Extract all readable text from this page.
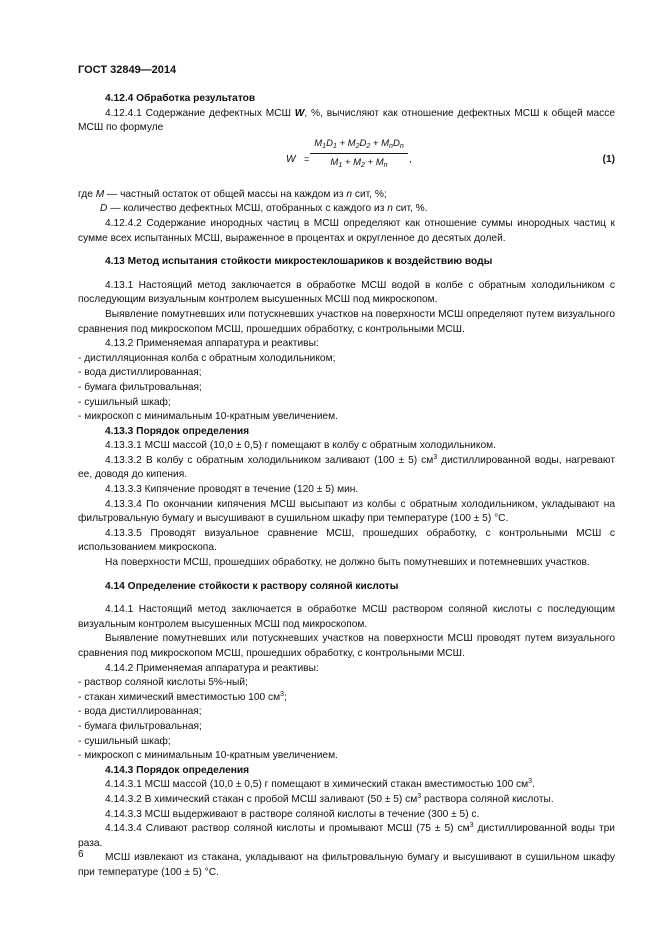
ГОСТ 32849—2014

4.12.4 Обработка результатов

4.12.4.1 Содержание дефектных МСШ W, %, вычисляют как отношение дефектных МСШ к общей массе МСШ по формуле

W =
$M_1D_1 + M_2D_2 + M_nD_n$
$M_1 + M_2 + M_n$
,	(1)

где M — частный остаток от общей массы на каждом из n сит, %;

D — количество дефектных МСШ, отобранных с каждого из n сит, %.

4.12.4.2 Содержание инородных частиц в МСШ определяют как отношение суммы инородных частиц к сумме всех испытанных МСШ, выраженное в процентах и округленное до десятых долей.

4.13 Метод испытания стойкости микростеклошариков к воздействию воды

4.13.1 Настоящий метод заключается в обработке МСШ водой в колбе с обратным холодильником с последующим визуальным контролем высушенных МСШ под микроскопом.

Выявление помутневших или потускневших участков на поверхности МСШ определяют путем визуального сравнения под микроскопом МСШ, прошедших обработку, с контрольными МСШ.

4.13.2 Применяемая аппаратура и реактивы:

- дистилляционная колба с обратным холодильником;

- вода дистиллированная;

- бумага фильтровальная;

- сушильный шкаф;

- микроскоп с минимальным 10-кратным увеличением.

4.13.3 Порядок определения

4.13.3.1 МСШ массой (10,0 ± 0,5) г помещают в колбу с обратным холодильником.

4.13.3.2 В колбу с обратным холодильником заливают (100 ± 5) $см^3$ дистиллированной воды, нагревают ее, доводя до кипения.

4.13.3.3 Кипячение проводят в течение (120 ± 5) мин.

4.13.3.4 По окончании кипячения МСШ высыпают из колбы с обратным холодильником, укладывают на фильтровальную бумагу и высушивают в сушильном шкафу при температуре (100 ± 5) °С.

4.13.3.5 Проводят визуальное сравнение МСШ, прошедших обработку, с контрольными МСШ с использованием микроскопа.

На поверхности МСШ, прошедших обработку, не должно быть помутневших и потемневших участков.

4.14 Определение стойкости к раствору соляной кислоты

4.14.1 Настоящий метод заключается в обработке МСШ раствором соляной кислоты с последующим визуальным контролем высушенных МСШ под микроскопом.

Выявление помутневших или потускневших участков на поверхности МСШ проводят путем визуального сравнения под микроскопом МСШ, прошедших обработку, с контрольными МСШ.

4.14.2 Применяемая аппаратура и реактивы:

- раствор соляной кислоты 5%-ный;

- стакан химический вместимостью 100 $см^3$;

- вода дистиллированная;

- бумага фильтровальная;

- сушильный шкаф;

- микроскоп с минимальным 10-кратным увеличением.

4.14.3 Порядок определения

4.14.3.1 МСШ массой (10,0 ± 0,5) г помещают в химический стакан вместимостью 100 $см^3$.

4.14.3.2 В химический стакан с пробой МСШ заливают (50 ± 5) $см^3$ раствора соляной кислоты.

4.14.3.3 МСШ выдерживают в растворе соляной кислоты в течение (300 ± 5) с.

4.14.3.4 Сливают раствор соляной кислоты и промывают МСШ (75 ± 5) $см^3$ дистиллированной воды три раза.

МСШ извлекают из стакана, укладывают на фильтровальную бумагу и высушивают в сушильном шкафу при температуре (100 ± 5) °С.

6
